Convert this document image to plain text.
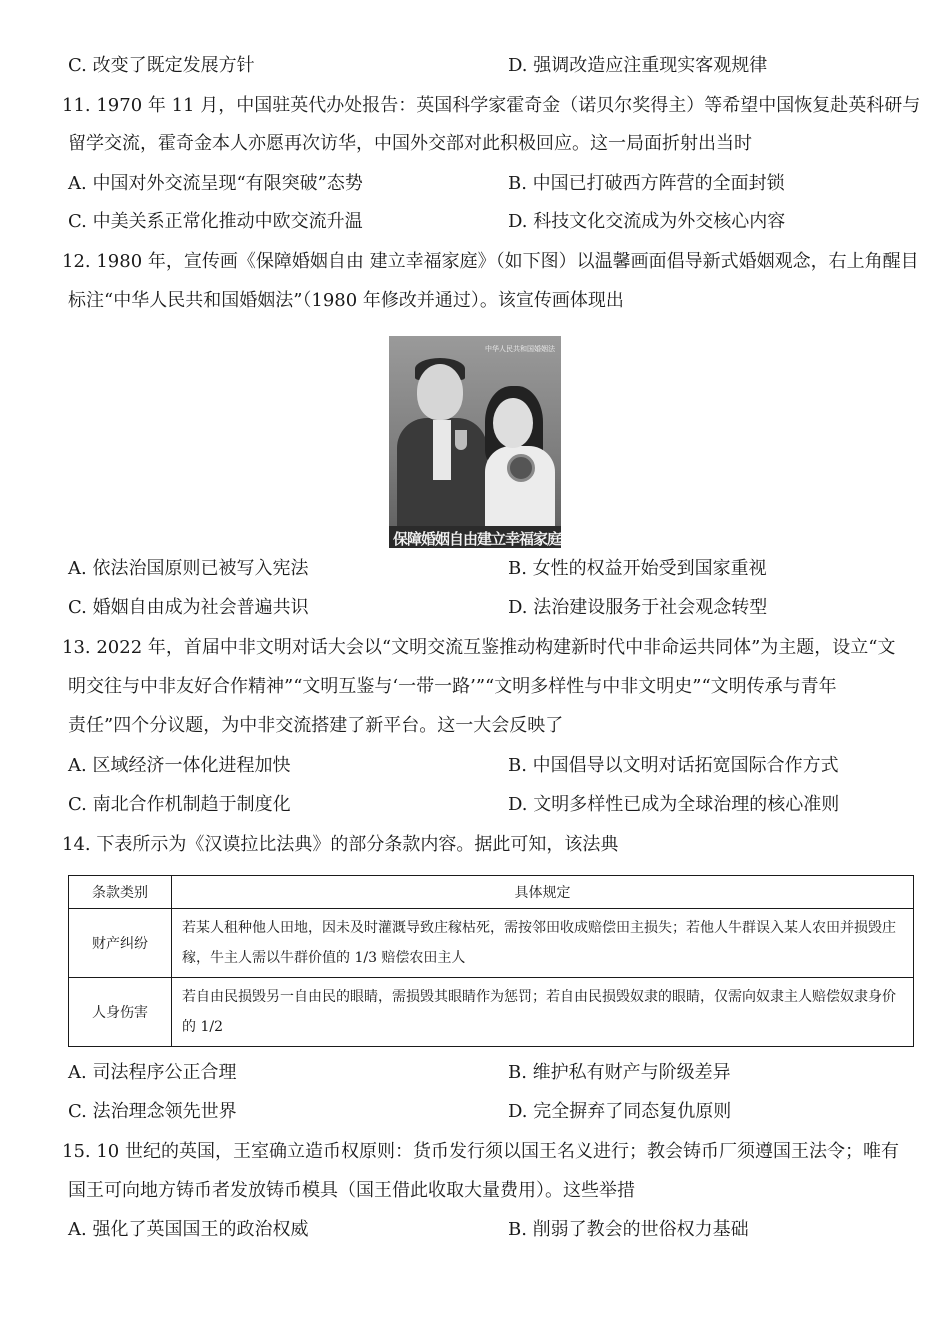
C. 改变了既定发展方针	D. 强调改造应注重现实客观规律
11. 1970 年 11 月，中国驻英代办处报告：英国科学家霍奇金（诺贝尔奖得主）等希望中国恢复赴英科研与
留学交流，霍奇金本人亦愿再次访华，中国外交部对此积极回应。这一局面折射出当时
A. 中国对外交流呈现“有限突破”态势	B. 中国已打破西方阵营的全面封锁
C. 中美关系正常化推动中欧交流升温	D. 科技文化交流成为外交核心内容
12. 1980 年，宣传画《保障婚姻自由 建立幸福家庭》（如下图）以温馨画面倡导新式婚姻观念，右上角醒目
标注“中华人民共和国婚姻法”（1980 年修改并通过）。该宣传画体现出
中华人民共和国婚姻法
保障婚姻自由建立幸福家庭
A. 依法治国原则已被写入宪法	B. 女性的权益开始受到国家重视
C. 婚姻自由成为社会普遍共识	D. 法治建设服务于社会观念转型
13. 2022 年，首届中非文明对话大会以“文明交流互鉴推动构建新时代中非命运共同体”为主题，设立“文
明交往与中非友好合作精神”“文明互鉴与‘一带一路’”“文明多样性与中非文明史”“文明传承与青年
责任”四个分议题，为中非交流搭建了新平台。这一大会反映了
A. 区域经济一体化进程加快	B. 中国倡导以文明对话拓宽国际合作方式
C. 南北合作机制趋于制度化	D. 文明多样性已成为全球治理的核心准则
14. 下表所示为《汉谟拉比法典》的部分条款内容。据此可知，该法典
条款类别	具体规定
财产纠纷	若某人租种他人田地，因未及时灌溉导致庄稼枯死，需按邻田收成赔偿田主损失；若他人牛群误入某人农田并损毁庄稼，牛主人需以牛群价值的 1/3 赔偿农田主人
人身伤害	若自由民损毁另一自由民的眼睛，需损毁其眼睛作为惩罚；若自由民损毁奴隶的眼睛，仅需向奴隶主人赔偿奴隶身价的 1/2
A. 司法程序公正合理	B. 维护私有财产与阶级差异
C. 法治理念领先世界	D. 完全摒弃了同态复仇原则
15. 10 世纪的英国，王室确立造币权原则：货币发行须以国王名义进行；教会铸币厂须遵国王法令；唯有
国王可向地方铸币者发放铸币模具（国王借此收取大量费用）。这些举措
A. 强化了英国国王的政治权威	B. 削弱了教会的世俗权力基础
